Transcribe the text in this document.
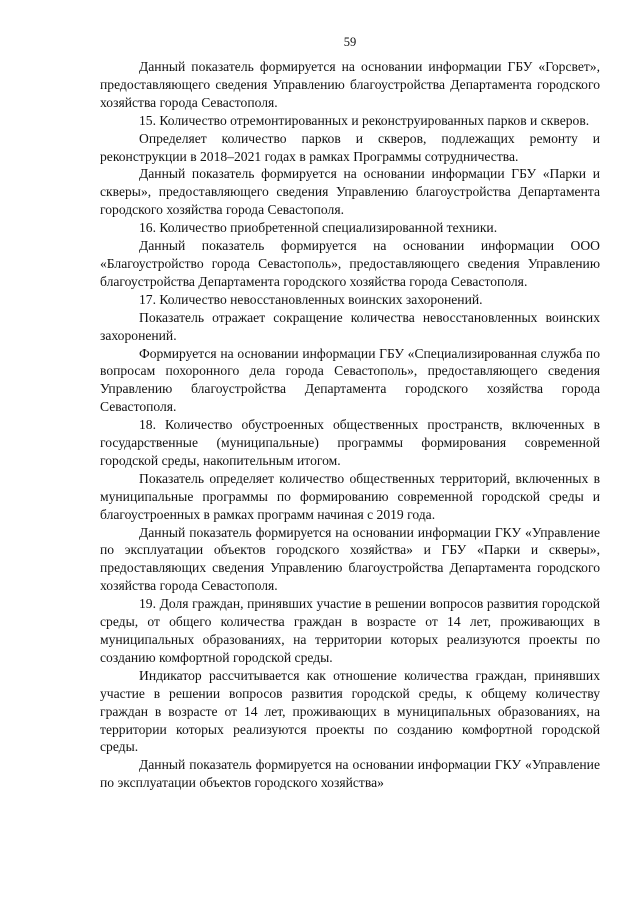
59

Данный показатель формируется на основании информации ГБУ «Горсвет», предоставляющего сведения Управлению благоустройства Департамента городского хозяйства города Севастополя.

15. Количество отремонтированных и реконструированных парков и скверов.

Определяет количество парков и скверов, подлежащих ремонту и реконструкции в 2018–2021 годах в рамках Программы сотрудничества.

Данный показатель формируется на основании информации ГБУ «Парки и скверы», предоставляющего сведения Управлению благоустройства Департамента городского хозяйства города Севастополя.

16. Количество приобретенной специализированной техники.

Данный показатель формируется на основании информации ООО «Благоустройство города Севастополь», предоставляющего сведения Управлению благоустройства Департамента городского хозяйства города Севастополя.

17. Количество невосстановленных воинских захоронений.

Показатель отражает сокращение количества невосстановленных воинских захоронений.

Формируется на основании информации ГБУ «Специализированная служба по вопросам похоронного дела города Севастополь», предоставляющего сведения Управлению благоустройства Департамента городского хозяйства города Севастополя.

18. Количество обустроенных общественных пространств, включенных в государственные (муниципальные) программы формирования современной городской среды, накопительным итогом.

Показатель определяет количество общественных территорий, включенных в муниципальные программы по формированию современной городской среды и благоустроенных в рамках программ начиная с 2019 года.

Данный показатель формируется на основании информации ГКУ «Управление по эксплуатации объектов городского хозяйства» и ГБУ «Парки и скверы», предоставляющих сведения Управлению благоустройства Департамента городского хозяйства города Севастополя.

19. Доля граждан, принявших участие в решении вопросов развития городской среды, от общего количества граждан в возрасте от 14 лет, проживающих в муниципальных образованиях, на территории которых реализуются проекты по созданию комфортной городской среды.

Индикатор рассчитывается как отношение количества граждан, принявших участие в решении вопросов развития городской среды, к общему количеству граждан в возрасте от 14 лет, проживающих в муниципальных образованиях, на территории которых реализуются проекты по созданию комфортной городской среды.

Данный показатель формируется на основании информации ГКУ «Управление по эксплуатации объектов городского хозяйства»
